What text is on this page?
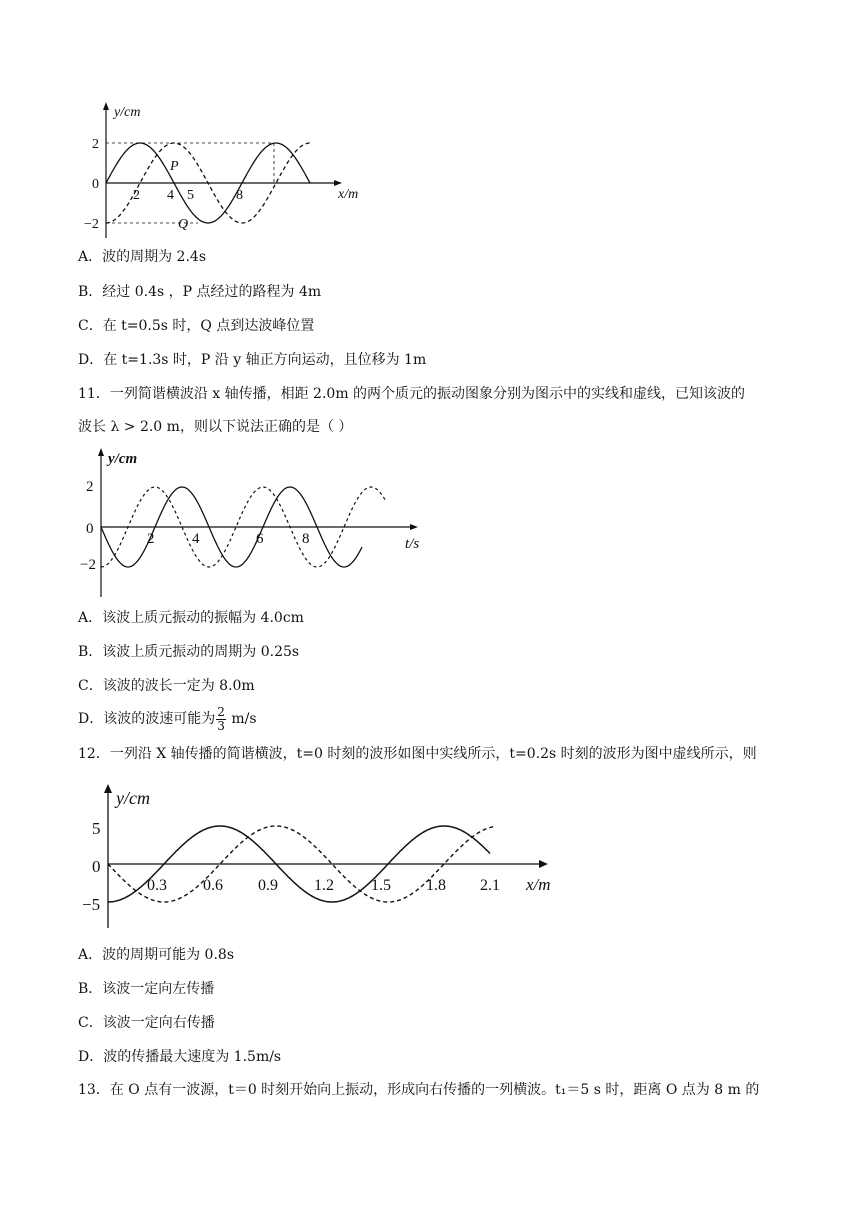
y/cm
x/m
2
0
−2
2 4 5	8
P
Q
A．波的周期为 2.4s
B．经过 0.4s ，P 点经过的路程为 4m
C．在 t=0.5s 时，Q 点到达波峰位置
D．在 t=1.3s 时，P 沿 y 轴正方向运动，且位移为 1m
11．一列简谐横波沿 x 轴传播，相距 2.0m 的两个质元的振动图象分别为图示中的实线和虚线，已知该波的
波长 λ > 2.0 m，则以下说法正确的是（ ）
y/cm
t/s
2
0
−2
2	4	6	8
A．该波上质元振动的振幅为 4.0cm
B．该波上质元振动的周期为 0.25s
C．该波的波长一定为 8.0m
D．该波的波速可能为 $\frac{2}{3} m/s$
12．一列沿 X 轴传播的简谐横波，t=0 时刻的波形如图中实线所示，t=0.2s 时刻的波形为图中虚线所示，则
y/cm
x/m
5
0
−5
0.3 0.6 0.9 1.2 1.5 1.8 2.1
A．波的周期可能为 0.8s
B．该波一定向左传播
C．该波一定向右传播
D．波的传播最大速度为 1.5m/s
13．在 O 点有一波源，t＝0 时刻开始向上振动，形成向右传播的一列横波。t₁＝5 s 时，距离 O 点为 8 m 的
